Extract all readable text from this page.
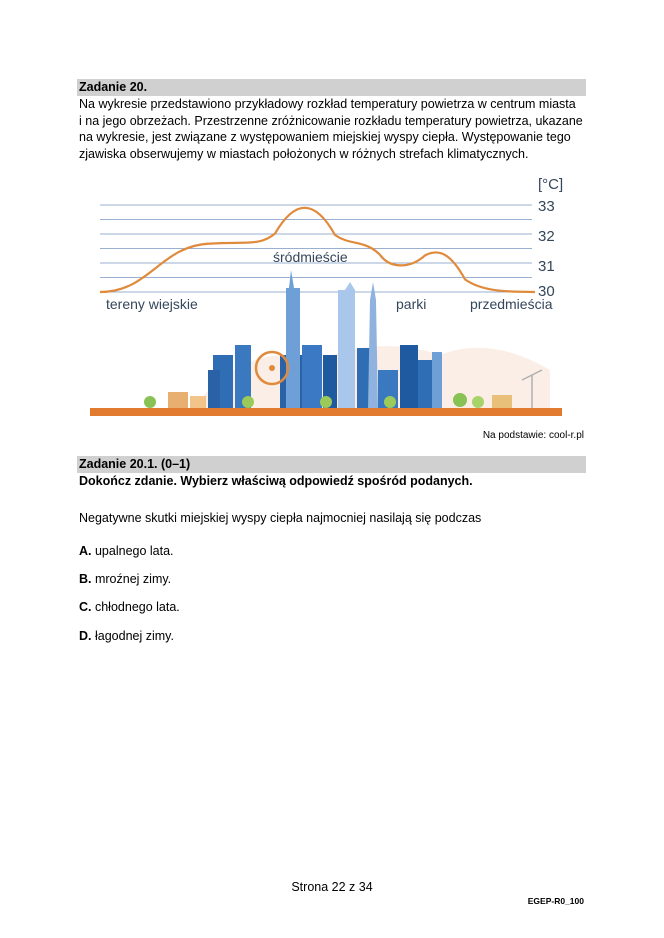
Zadanie 20.
Na wykresie przedstawiono przykładowy rozkład temperatury powietrza w centrum miasta
i na jego obrzeżach. Przestrzenne zróżnicowanie rozkładu temperatury powietrza, ukazane
na wykresie, jest związane z występowaniem miejskiej wyspy ciepła. Występowanie tego
zjawiska obserwujemy w miastach położonych w różnych strefach klimatycznych.
[°C]
33
32
31
30
tereny wiejskie
śródmieście
parki	przedmieścia
Na podstawie: cool-r.pl
Zadanie 20.1. (0–1)
Dokończ zdanie. Wybierz właściwą odpowiedź spośród podanych.
Negatywne skutki miejskiej wyspy ciepła najmocniej nasilają się podczas
A. upalnego lata.
B. mroźnej zimy.
C. chłodnego lata.
D. łagodnej zimy.
Strona 22 z 34
EGEP-R0_100
